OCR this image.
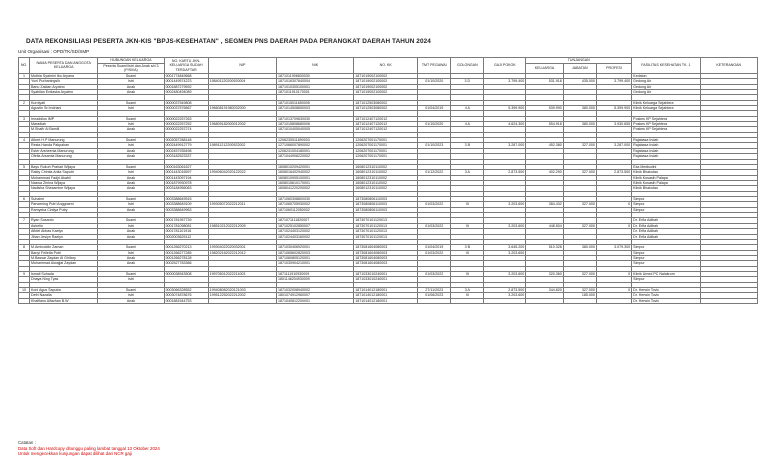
DATA REKONSILIASI PESERTA JKN-KIS "BPJS-KESEHATAN" , SEGMEN PNS DAERAH PADA PERANGKAT DAERAH TAHUN 2024
Unit Organisasi : OPD/TK/SD/SMP
NO.	NAMA PESERTA DAN ANGGOTA KELUARGA	HUBUNGAN KELUARGA	NO. KARTU JKN-KELUARGA SUDAH TERDAFTAR	NIP	NIK	NO. KK	TMT PEGAWAI	GOLONGAN	GAJI POKOK	TUNJANGAN			FASILITAS KESEHATAN TK. 1	KETERANGAN
		Peserta Suami/Istri dan Anak s/d 3 (P/S/I/A)								KELUARGA	JABATAN	PROFESI		
1	Muthia Syahrini Ibu Aryana	Suami	0001774849668		1871011906830030	1871019002100002							Kedaton	
	Yuni Purbaningsih	Istri	0001449574223	198401120200920004	1871016307840004	1871019002100002	01/10/2020	3 D	3.799.400	531.916	435.000	3.799.400	Gedong Air	
	Banu Zaidan Aryatno	Anak	0001887279592		1871010305100001	1871019002100002							Gedong Air	
	Syabilan Erdiaska Aryatno	Anak	0002480494089		1871011910170001	1871019002100002							Gedong Air	

2	Kurniyati	Suami	0000037549808		1871015011650005	1871012503080002							Klinik Keluarga Sejahtera	
	Agustin Sri Indriani	Istri	0000037576867	196608191980032000	1871014508650003	1871012503080002	01/04/2019	4 A	5.399.900	539.990	380.000	5.399.900	Klinik Keluarga Sejahtera	

3	Irmaddius IMP	Suami	0000022257263		1871013709630030	1871012407120012							Poskes KP Sejahtera	
	Maradiah	Istri	0000022257252	196809182000012002	1871015808680006	1871012407120012	01/10/2020	4 A	4.624.300	554.916	380.000	3.930.655	Poskes KP Sejahtera	
	M.Shafir Al Bamlil	Anak	0000022257274		1871010405040005	1871012407120012							Poskes KP Sejahtera	

4	Albert H.P Manurung	Suami	0002057288148		1206230511890003	1206207001170001							Rajabasa Indah	
	Resta Handa Pakpahan	Istri	0002449912779	198911212200922002	1271066007890002	1206207001170001	01/10/2023	3 B	3.287.000	452.380	327.000	3.287.000	Rajabasa Indah	
	Ester Arsheenia Manurung	Anak	0002457935498		1206231004180001	1206207001170001							Rajabasa Indah	
	Ofelia Arsamia Manurung	Anak	0003182523337		1871044908220002	1206207001170001							Rajabasa Indah	

5	Bayu Rukuh Prahari Wijaya	Suami	0000163061627		1608010209420001	1608012310110002							Eka Medisolini	
	Raldy Chintia Anita Saputri	Istri	0001443016597	199406042020122022	1608016402940002	1608012310110002	01/12/2022	3 A	2.873.500	402.290	327.000	2.873.500	Klinik Bhakotau	
	Muhammad Fadjri Akabil	Anak	0001443097194		1608010905100001	1608012310110002							Klinik Kosasih Palapa	
	Nazwa Zhrina Wijaya	Anak	0001879930978		1608015610170001	1608012310110002							Klinik Kosasih Palapa	
	Nadisha Shesamine Wijaya	Anak	0003184956063		1608041220200002	1608012310110002							Klinik Bhakotau	

6	Suhalmi	Suami	0003388649515		1871060308800030	1873080806110003							Simpur	
	Parwening Putri Anggraeni	Istri	0003388649109	199305072022212011	1871065705930002	1873080806110003	01/03/2022	III	3.203.600	384.432	327.000	0	Simpur	
	Ramyeka Cintiya Putry	Anak	0003388649963		1871060112050002	1873080806110003							Simpur	

7	Ryan Susanto	Suami	0001781957739		1871071111820007	1873070101120013							Dr. Erfia Adibah	
	Ashelin	Istri	0001781098081	198510212022212009	1871025102850007	1873070101120013	01/03/2022	III	3.203.600	448.504	327.000	0	Dr. Erfia Adibah	
	Aftdel Abbas Kaelyn	Anak	0001781101916		1871024403120002	1873070101120013							Dr. Erfia Adibah	
	Jihan Jeslyn Raelyn	Anak	0002003625112		1871024403160002	1873070101120013							Dr. Erfia Adibah	

8	M.Amiruddin Zaman	Suami	0001266270213	199304022020032001	1871030406920001	1873081604080003	01/04/2019	3 B	3.645.200	510.328	380.000	3.079.300	Simpur	
	Banyi Felletia Putri	Istri	0001266277285	198202162022212012	1871065602820003	1873081604080003	01/03/2022	III	3.203.600				Simpur	
	M.Bassar Zaydan Al Ghifary	Anak	0001266278128		1871060805120001	1873081604080003							Simpur	
	Muhammad Alwajjat Zaydan	Anak	0002527783366		1871030904210001	1873081604080003							Simpur	

9	Ismail Suhada	Suami	0000038943508	199705012022211003	1871111910930009	1871033010240001	01/03/2022	III	3.203.600	320.360	327.000	0	Klinik Umed PC Nalakrom	
	Dhaya Ning Tyas	Istri			1801146204930009	1871033010240001							Simpur	

10	Koni Agus Saputra	Suami	0003066328552	199408082020121003	1871032008940002	1871014012180001	27/11/2023	3 A	2.873.500	344.820	327.000	0	Dr. Herwin Tovic	
	Defri Nazalia	Istri	0003074878676	199512252022212002	1801074912960007	1871014012180001	01/06/2023	III	3.203.600		185.000		Dr. Herwin Tovic	
	Khalfiano Alfazhan B.W	Anak	0001881544753		1871040812200001	1871014012180001							Dr. Herwin Tovic	
Catatan :
Data Soft dan Hardcopy ditunggu paling lambat tanggal 13 Oktober 2024
Untuk mengecekkan kunjungan dapat dilihat dari NCR gaji
